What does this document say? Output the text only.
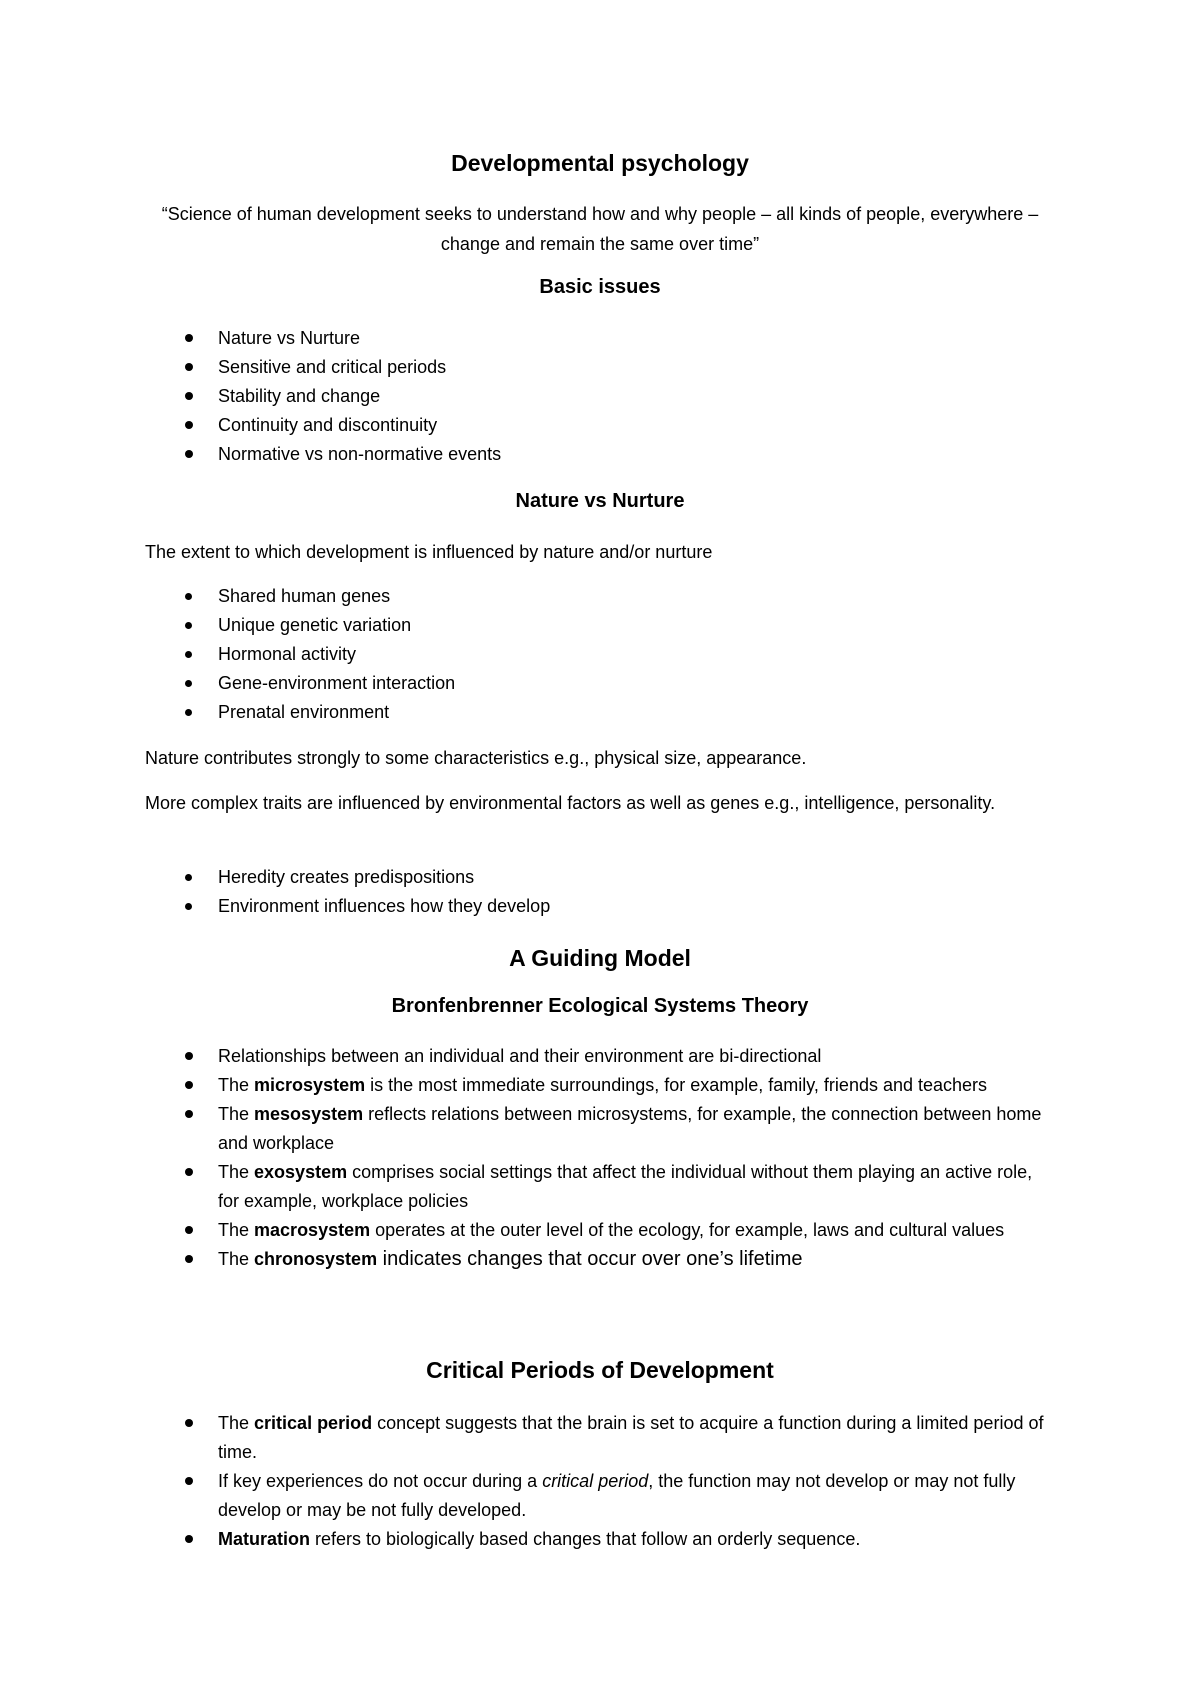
Developmental psychology
“Science of human development seeks to understand how and why people – all kinds of people, everywhere – change and remain the same over time”
Basic issues
Nature vs Nurture
Sensitive and critical periods
Stability and change
Continuity and discontinuity
Normative vs non-normative events
Nature vs Nurture

The extent to which development is influenced by nature and/or nurture

Shared human genes
Unique genetic variation
Hormonal activity
Gene-environment interaction
Prenatal environment

Nature contributes strongly to some characteristics e.g., physical size, appearance.

More complex traits are influenced by environmental factors as well as genes e.g., intelligence, personality.

Heredity creates predispositions
Environment influences how they develop
A Guiding Model
Bronfenbrenner Ecological Systems Theory
Relationships between an individual and their environment are bi-directional
The microsystem is the most immediate surroundings, for example, family, friends and teachers
The mesosystem reflects relations between microsystems, for example, the connection between home and workplace
The exosystem comprises social settings that affect the individual without them playing an active role, for example, workplace policies
The macrosystem operates at the outer level of the ecology, for example, laws and cultural values
The chronosystem indicates changes that occur over one’s lifetime
Critical Periods of Development
The critical period concept suggests that the brain is set to acquire a function during a limited period of time.
If key experiences do not occur during a critical period, the function may not develop or may not fully develop or may be not fully developed.
Maturation refers to biologically based changes that follow an orderly sequence.
